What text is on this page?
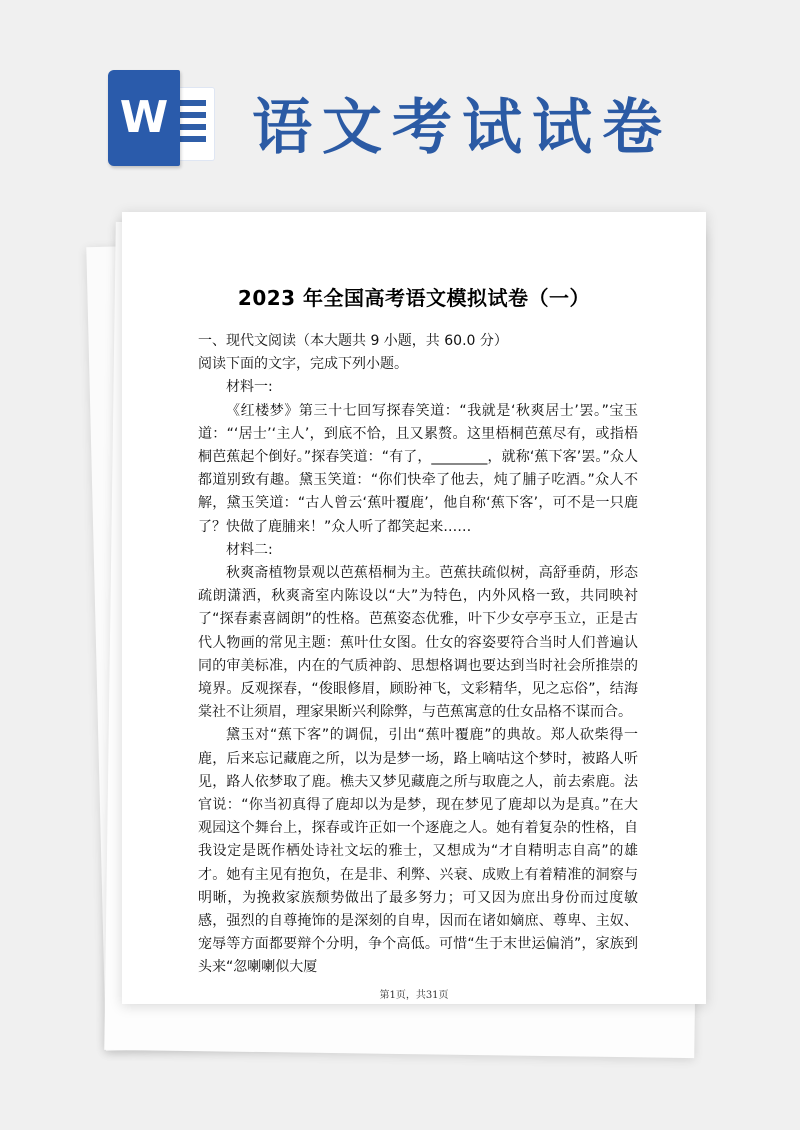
W 语文考试试卷
2023 年全国高考语文模拟试卷（一）

一、现代文阅读（本大题共 9 小题，共 60.0 分）

阅读下面的文字，完成下列小题。

材料一:

《红楼梦》第三十七回写探春笑道：“我就是‘秋爽居士’罢。”宝玉道：“‘居士’‘主人’，到底不恰，且又累赘。这里梧桐芭蕉尽有，或指梧桐芭蕉起个倒好。”探春笑道：“有了，________，就称‘蕉下客’罢。”众人都道别致有趣。黛玉笑道：“你们快牵了他去，炖了脯子吃酒。”众人不解，黛玉笑道：“古人曾云‘蕉叶覆鹿’，他自称‘蕉下客’，可不是一只鹿了？快做了鹿脯来！”众人听了都笑起来……

材料二:

秋爽斋植物景观以芭蕉梧桐为主。芭蕉扶疏似树，高舒垂荫，形态疏朗潇洒，秋爽斋室内陈设以“大”为特色，内外风格一致，共同映衬了“探春素喜阔朗”的性格。芭蕉姿态优雅，叶下少女亭亭玉立，正是古代人物画的常见主题：蕉叶仕女图。仕女的容姿要符合当时人们普遍认同的审美标准，内在的气质神韵、思想格调也要达到当时社会所推崇的境界。反观探春，“俊眼修眉，顾盼神飞，文彩精华，见之忘俗”，结海棠社不让须眉，理家果断兴利除弊，与芭蕉寓意的仕女品格不谋而合。

黛玉对“蕉下客”的调侃，引出“蕉叶覆鹿”的典故。郑人砍柴得一鹿，后来忘记藏鹿之所，以为是梦一场，路上嘀咕这个梦时，被路人听见，路人依梦取了鹿。樵夫又梦见藏鹿之所与取鹿之人，前去索鹿。法官说：“你当初真得了鹿却以为是梦，现在梦见了鹿却以为是真。”在大观园这个舞台上，探春或许正如一个逐鹿之人。她有着复杂的性格，自我设定是既作栖处诗社文坛的雅士，又想成为“才自精明志自高”的雄才。她有主见有抱负，在是非、利弊、兴衰、成败上有着精准的洞察与明晰，为挽救家族颓势做出了最多努力；可又因为庶出身份而过度敏感，强烈的自尊掩饰的是深刻的自卑，因而在诸如嫡庶、尊卑、主奴、宠辱等方面都要辩个分明，争个高低。可惜“生于末世运偏消”，家族到头来“忽喇喇似大厦

第1页，共31页
